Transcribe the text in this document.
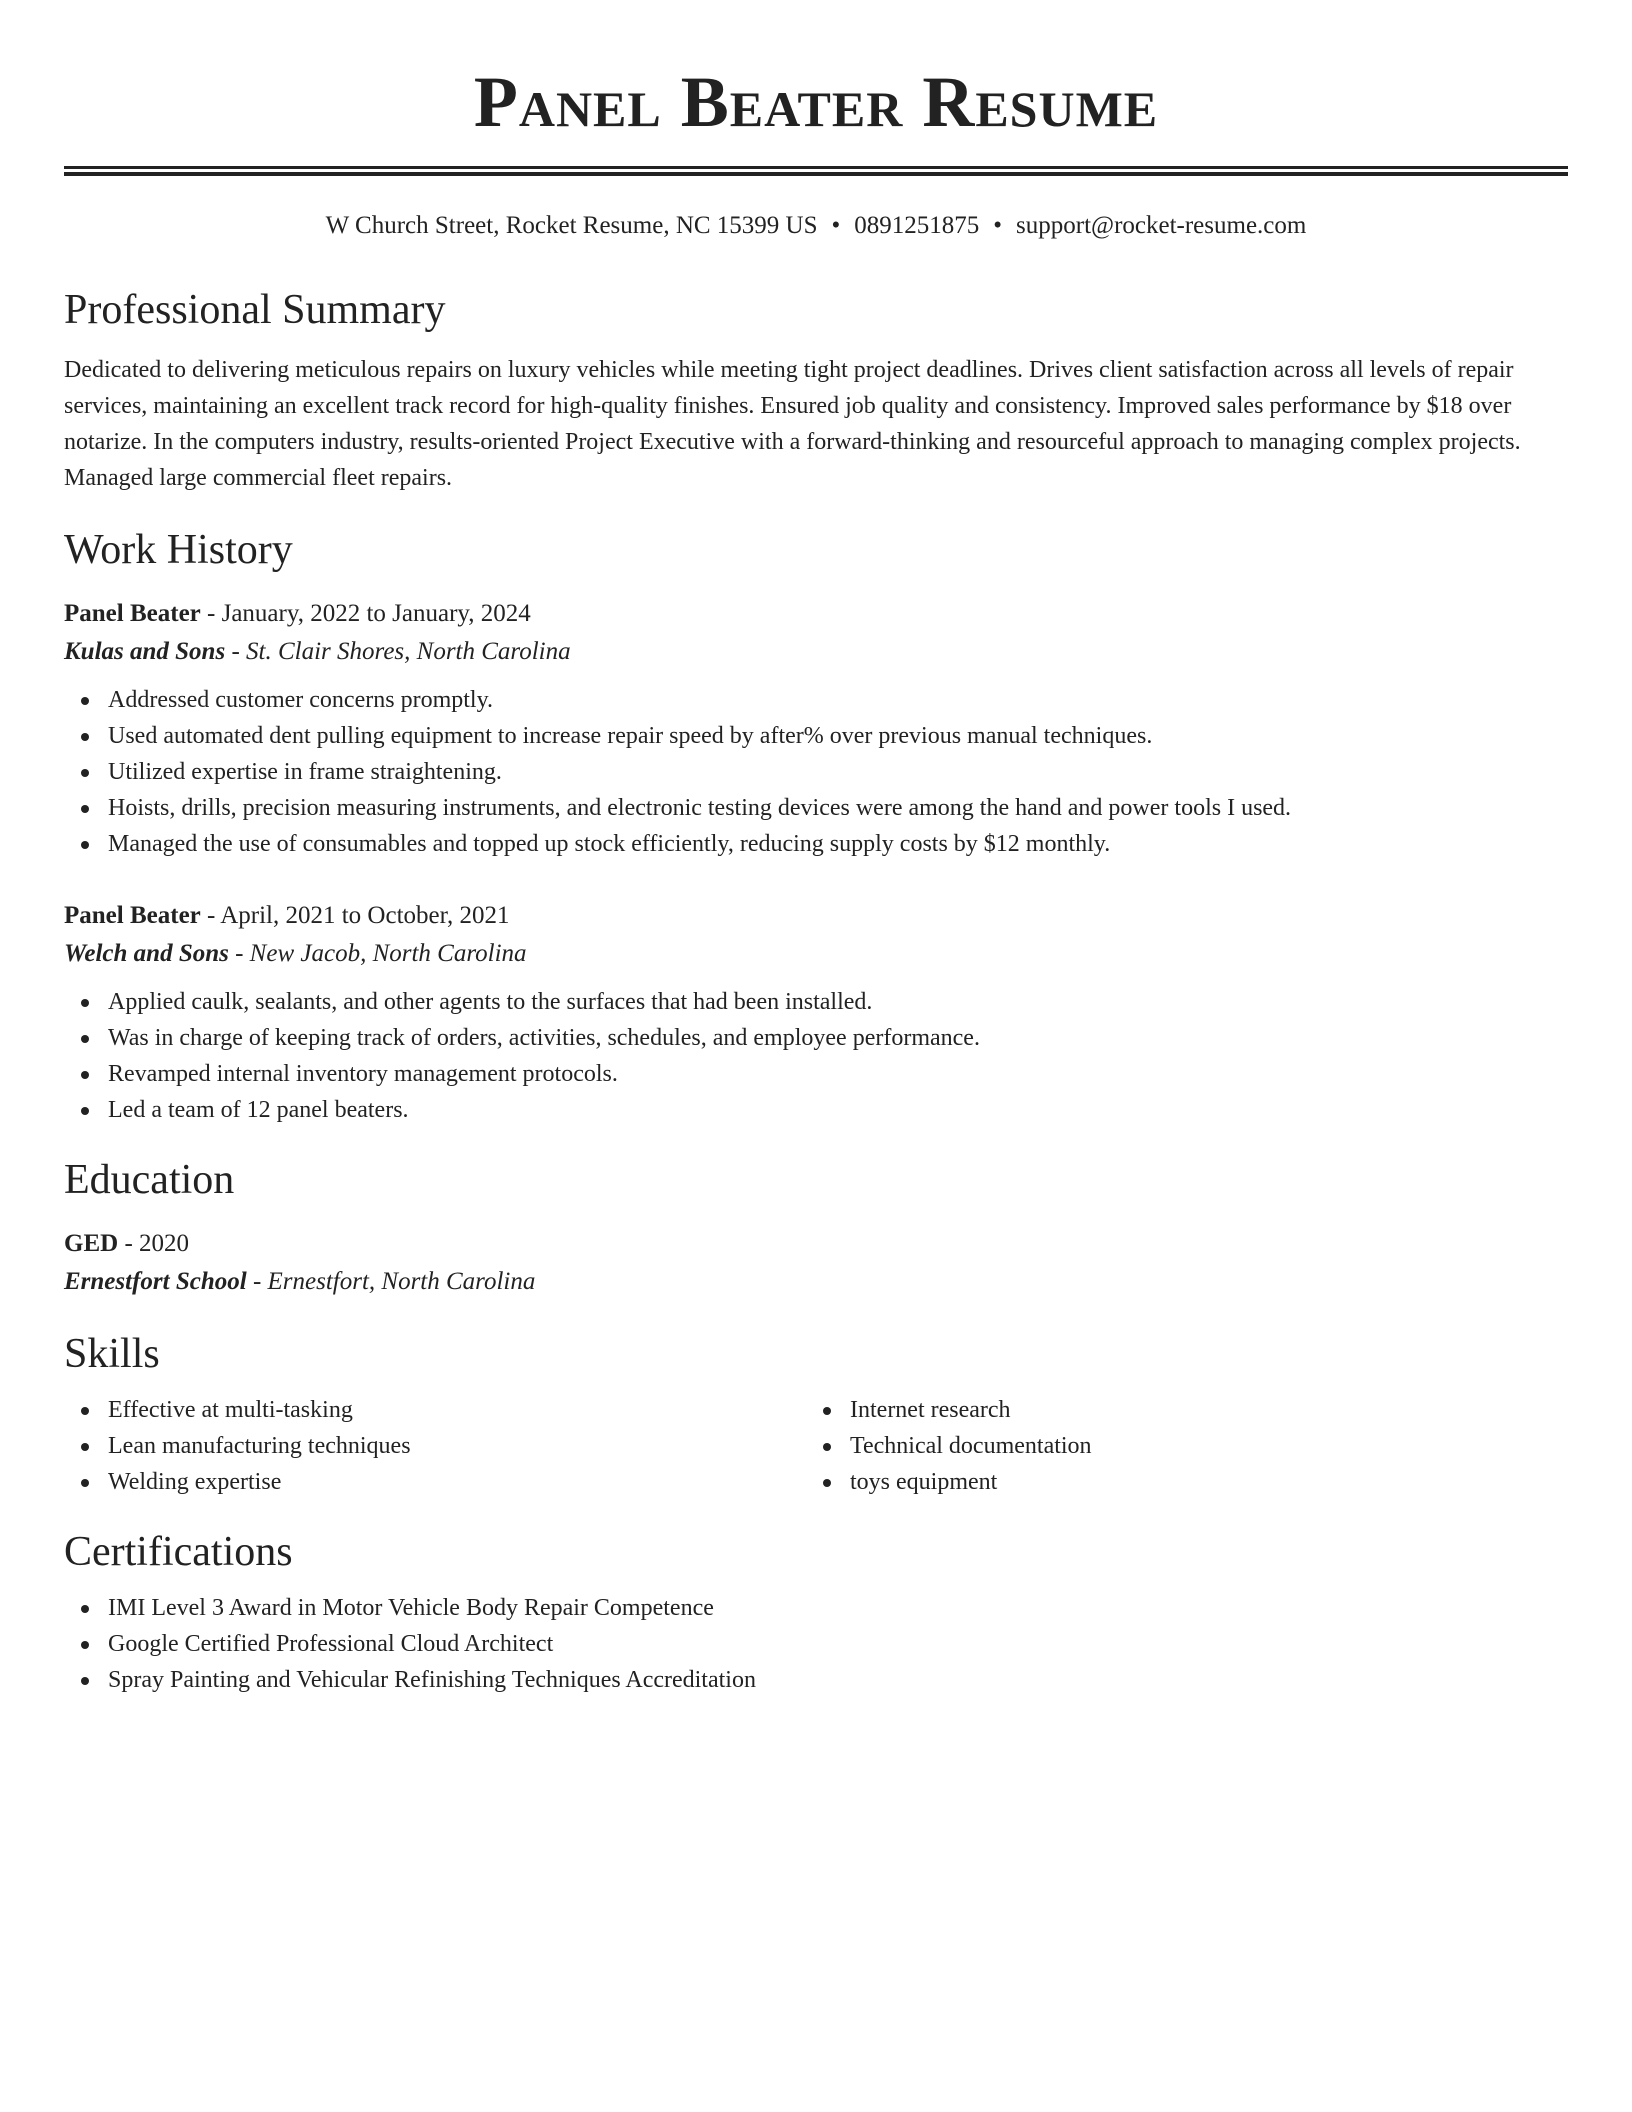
Panel Beater Resume
W Church Street, Rocket Resume, NC 15399 US • 0891251875 • support@rocket-resume.com
Professional Summary

Dedicated to delivering meticulous repairs on luxury vehicles while meeting tight project deadlines. Drives client satisfaction across all levels of repair services, maintaining an excellent track record for high-quality finishes. Ensured job quality and consistency. Improved sales performance by $18 over notarize. In the computers industry, results-oriented Project Executive with a forward-thinking and resourceful approach to managing complex projects. Managed large commercial fleet repairs.

Work History
Panel Beater - January, 2022 to January, 2024
Kulas and Sons - St. Clair Shores, North Carolina
Addressed customer concerns promptly.
Used automated dent pulling equipment to increase repair speed by after% over previous manual techniques.
Utilized expertise in frame straightening.
Hoists, drills, precision measuring instruments, and electronic testing devices were among the hand and power tools I used.
Managed the use of consumables and topped up stock efficiently, reducing supply costs by $12 monthly.
Panel Beater - April, 2021 to October, 2021
Welch and Sons - New Jacob, North Carolina
Applied caulk, sealants, and other agents to the surfaces that had been installed.
Was in charge of keeping track of orders, activities, schedules, and employee performance.
Revamped internal inventory management protocols.
Led a team of 12 panel beaters.
Education
GED - 2020
Ernestfort School - Ernestfort, North Carolina
Skills
Effective at multi-tasking
Lean manufacturing techniques
Welding expertise
Internet research
Technical documentation
toys equipment
Certifications
IMI Level 3 Award in Motor Vehicle Body Repair Competence
Google Certified Professional Cloud Architect
Spray Painting and Vehicular Refinishing Techniques Accreditation
